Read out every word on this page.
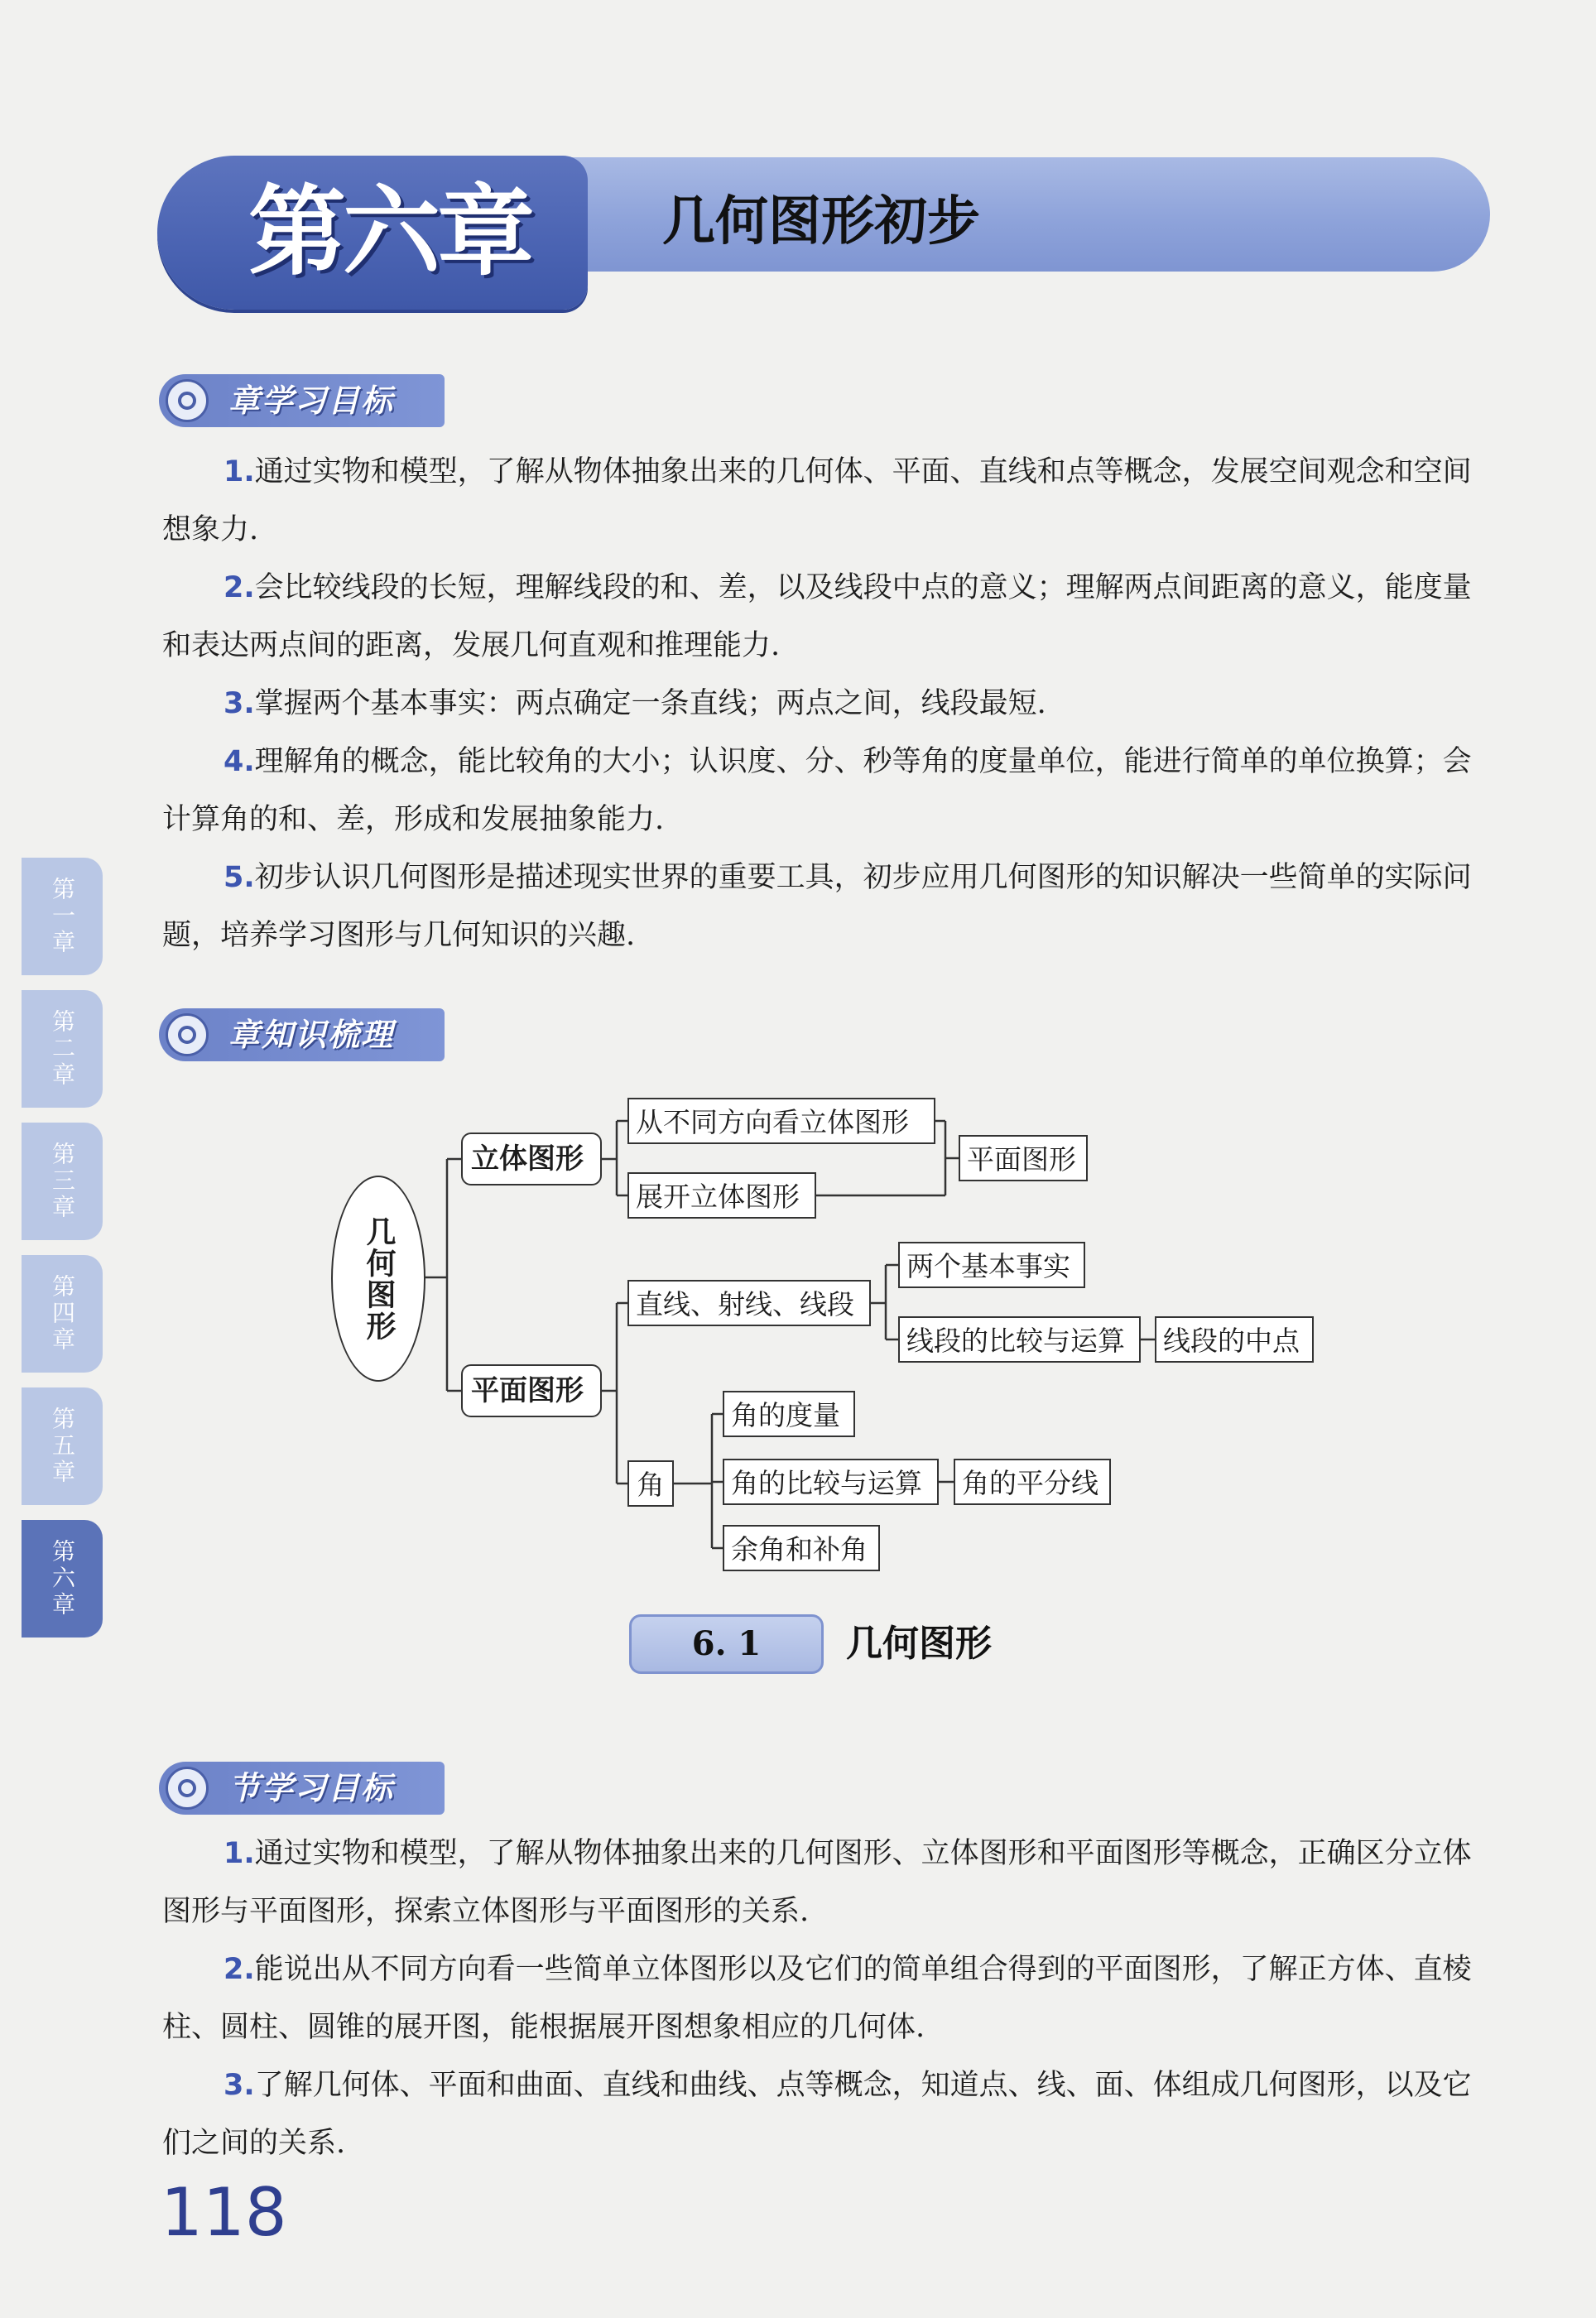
第六章	几何图形初步
章学习目标

1.通过实物和模型，了解从物体抽象出来的几何体、平面、直线和点等概念，发展空间观念和空间想象力.

2.会比较线段的长短，理解线段的和、差，以及线段中点的意义；理解两点间距离的意义，能度量和表达两点间的距离，发展几何直观和推理能力.

3.掌握两个基本事实：两点确定一条直线；两点之间，线段最短.

4.理解角的概念，能比较角的大小；认识度、分、秒等角的度量单位，能进行简单的单位换算；会计算角的和、差，形成和发展抽象能力.

5.初步认识几何图形是描述现实世界的重要工具，初步应用几何图形的知识解决一些简单的实际问题，培养学习图形与几何知识的兴趣.

章知识梳理
几何图形
立体图形
平面图形
从不同方向看立体图形
展开立体图形
平面图形
直线、射线、线段
两个基本事实
线段的比较与运算	线段的中点
角
角的度量
角的比较与运算	角的平分线
余角和补角
6. 1	几何图形
节学习目标

1.通过实物和模型，了解从物体抽象出来的几何图形、立体图形和平面图形等概念，正确区分立体图形与平面图形，探索立体图形与平面图形的关系.

2.能说出从不同方向看一些简单立体图形以及它们的简单组合得到的平面图形，了解正方体、直棱柱、圆柱、圆锥的展开图，能根据展开图想象相应的几何体.

3.了解几何体、平面和曲面、直线和曲线、点等概念，知道点、线、面、体组成几何图形，以及它们之间的关系.

第一章
第二章
第三章
第四章
第五章
第六章
118
